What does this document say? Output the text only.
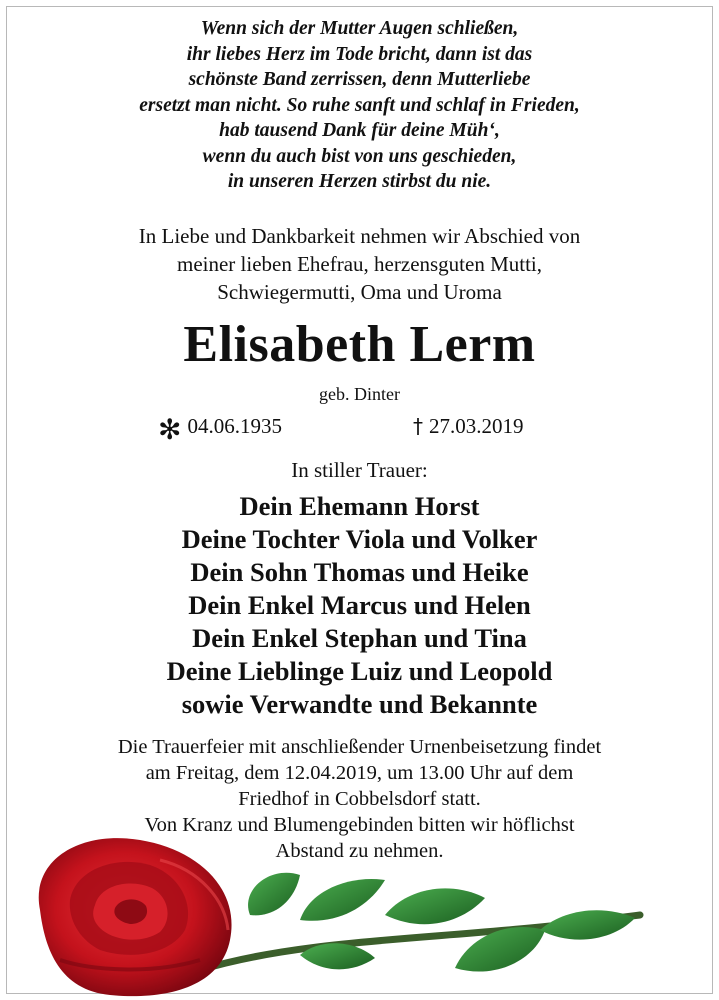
Wenn sich der Mutter Augen schließen,
ihr liebes Herz im Tode bricht, dann ist das
schönste Band zerrissen, denn Mutterliebe
ersetzt man nicht. So ruhe sanft und schlaf in Frieden,
hab tausend Dank für deine Müh‘,
wenn du auch bist von uns geschieden,
in unseren Herzen stirbst du nie.
In Liebe und Dankbarkeit nehmen wir Abschied von
meiner lieben Ehefrau, herzensguten Mutti,
Schwiegermutti, Oma und Uroma
Elisabeth Lerm
geb. Dinter
✻ 04.06.1935	† 27.03.2019
In stiller Trauer:
Dein Ehemann Horst
Deine Tochter Viola und Volker
Dein Sohn Thomas und Heike
Dein Enkel Marcus und Helen
Dein Enkel Stephan und Tina
Deine Lieblinge Luiz und Leopold
sowie Verwandte und Bekannte
Die Trauerfeier mit anschließender Urnenbeisetzung findet
am Freitag, dem 12.04.2019, um 13.00 Uhr auf dem
Friedhof in Cobbelsdorf statt.
Von Kranz und Blumengebinden bitten wir höflichst
Abstand zu nehmen.
